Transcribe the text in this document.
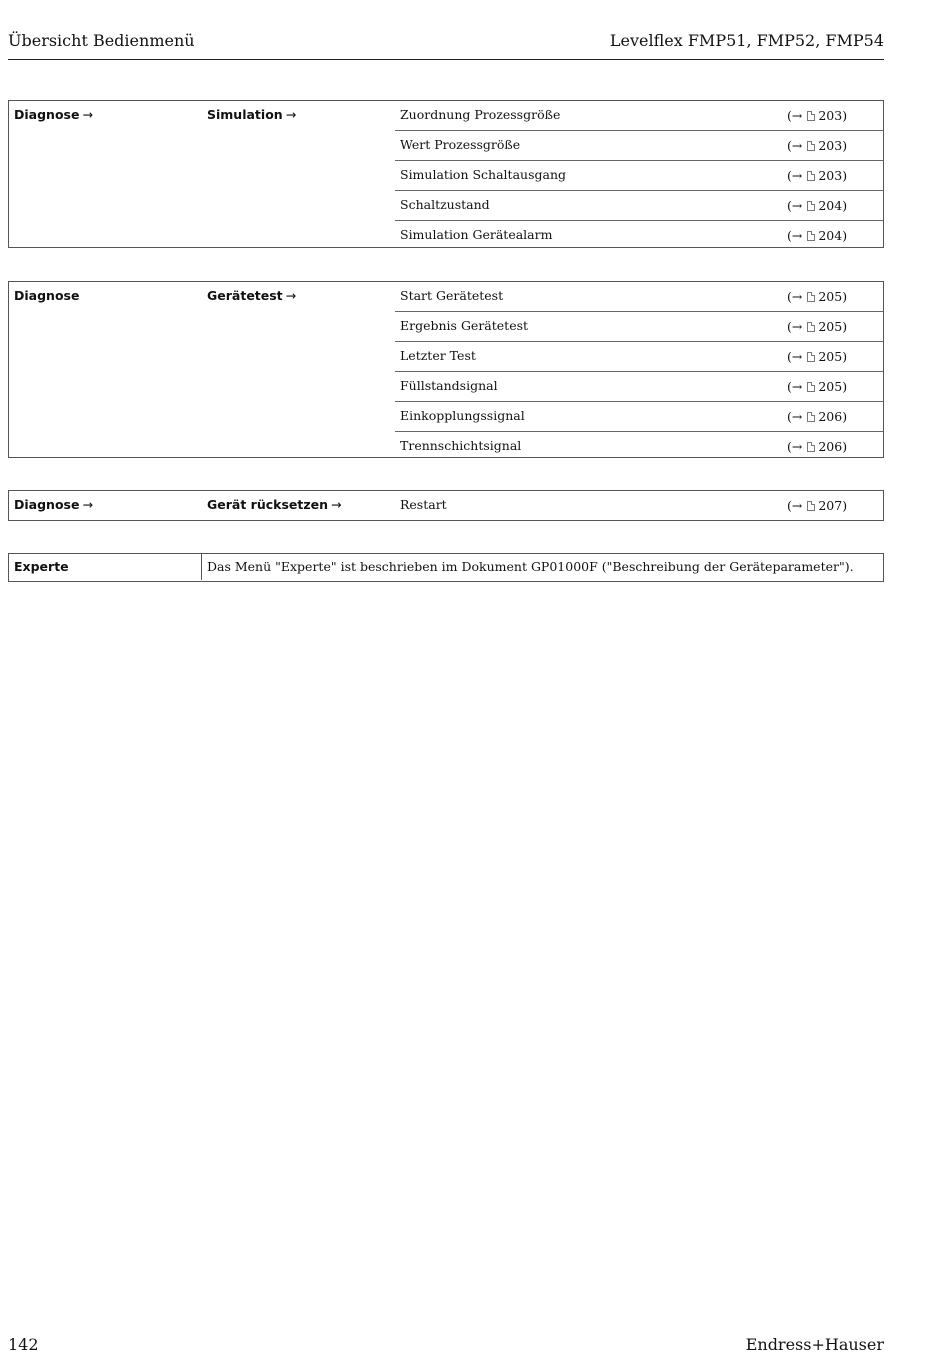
Übersicht Bedienmenü	Levelflex FMP51, FMP52, FMP54
Diagnose →	Simulation →	Zuordnung Prozessgröße	(→ 203)
Wert Prozessgröße	(→ 203)
Simulation Schaltausgang	(→ 203)
Schaltzustand	(→ 204)
Simulation Gerätealarm	(→ 204)
Diagnose	Gerätetest →	Start Gerätetest	(→ 205)
Ergebnis Gerätetest	(→ 205)
Letzter Test	(→ 205)
Füllstandsignal	(→ 205)
Einkopplungssignal	(→ 206)
Trennschichtsignal	(→ 206)
Diagnose →	Gerät rücksetzen →	Restart	(→ 207)
Experte	Das Menü "Experte" ist beschrieben im Dokument GP01000F ("Beschreibung der Geräteparameter").
142	Endress+Hauser
